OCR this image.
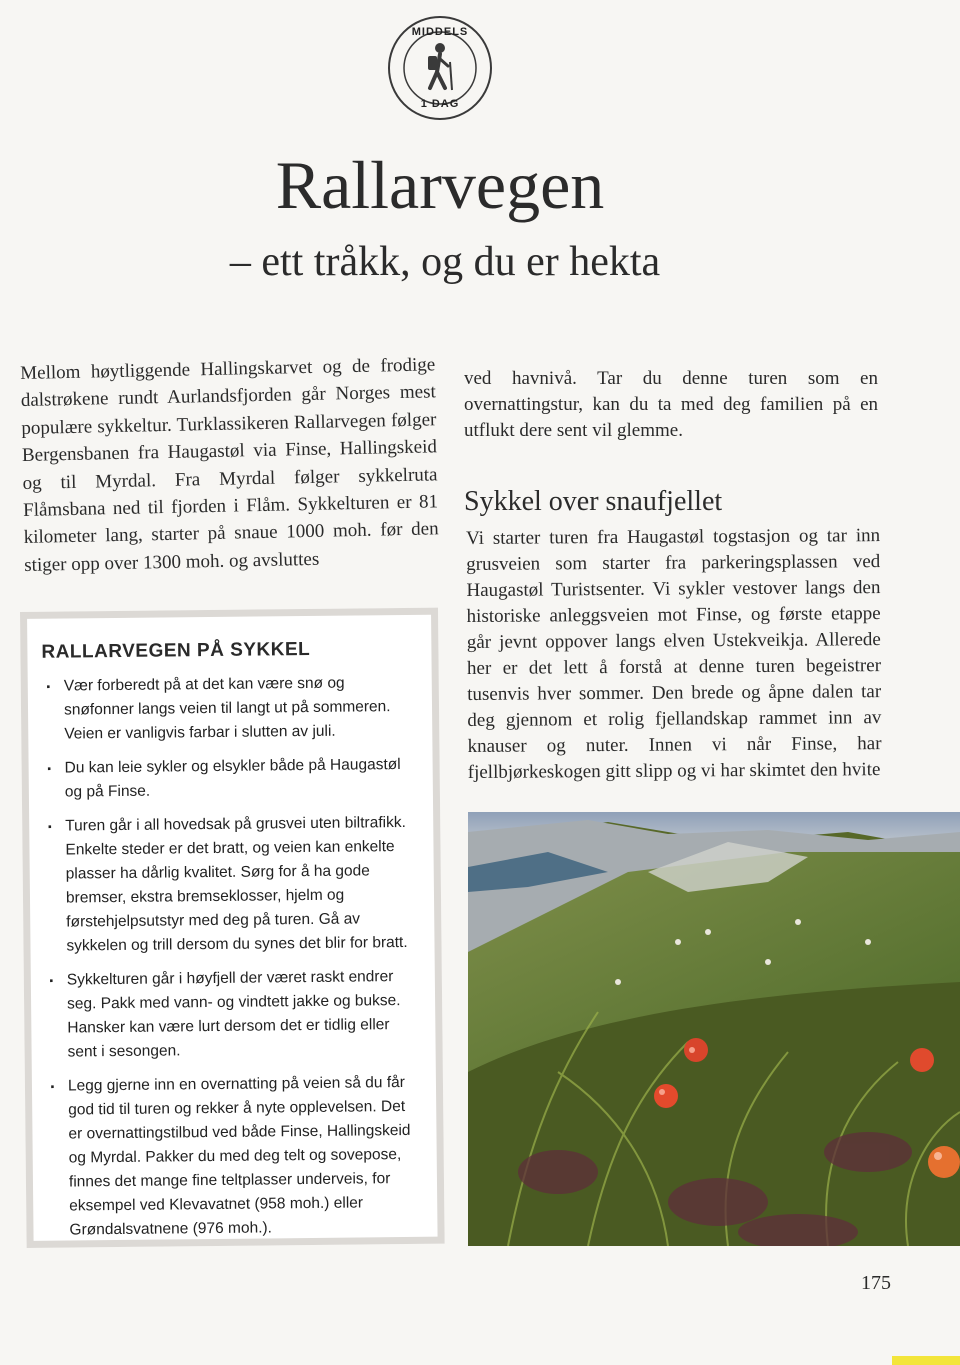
MIDDELS
1 DAG
Rallarvegen
– ett tråkk, og du er hekta
Mellom høytliggende Hallingskarvet og de frodige dalstrøkene rundt Aurlandsfjorden går Norges mest populære sykkeltur. Turklassikeren Rallarvegen følger Bergensbanen fra Haugastøl via Finse, Hallingskeid og til Myrdal. Fra Myrdal følger sykkelruta Flåmsbana ned til fjorden i Flåm. Sykkelturen er 81 kilometer lang, starter på snaue 1000 moh. før den stiger opp over 1300 moh. og avsluttes

ved havnivå. Tar du denne turen som en overnattingstur, kan du ta med deg familien på en utflukt dere sent vil glemme.

Sykkel over snaufjellet
Vi starter turen fra Haugastøl togstasjon og tar inn grusveien som starter fra parkeringsplassen ved Haugastøl Turistsenter. Vi sykler vestover langs den historiske anleggsveien mot Finse, og første etappe går jevnt oppover langs elven Ustekveikja. Allerede her er det lett å forstå at denne turen begeistrer tusenvis hver sommer. Den brede og åpne dalen tar deg gjennom et rolig fjellandskap rammet inn av knauser og nuter. Innen vi når Finse, har fjellbjørkeskogen gitt slipp og vi har skimtet den hvite
RALLARVEGEN PÅ SYKKEL
· Vær forberedt på at det kan være snø og snøfonner langs veien til langt ut på sommeren. Veien er vanligvis farbar i slutten av juli.
· Du kan leie sykler og elsykler både på Haugastøl og på Finse.
· Turen går i all hovedsak på grusvei uten biltrafikk. Enkelte steder er det bratt, og veien kan enkelte plasser ha dårlig kvalitet. Sørg for å ha gode bremser, ekstra bremseklosser, hjelm og førstehjelpsutstyr med deg på turen. Gå av sykkelen og trill dersom du synes det blir for bratt.
· Sykkelturen går i høyfjell der været raskt endrer seg. Pakk med vann- og vindtett jakke og bukse. Hansker kan være lurt dersom det er tidlig eller sent i sesongen.
· Legg gjerne inn en overnatting på veien så du får god tid til turen og rekker å nyte opplevelsen. Det er overnattingstilbud ved både Finse, Hallingskeid og Myrdal. Pakker du med deg telt og sovepose, finnes det mange fine teltplasser underveis, for eksempel ved Klevavatnet (958 moh.) eller Grøndalsvatnene (976 moh.).
175
